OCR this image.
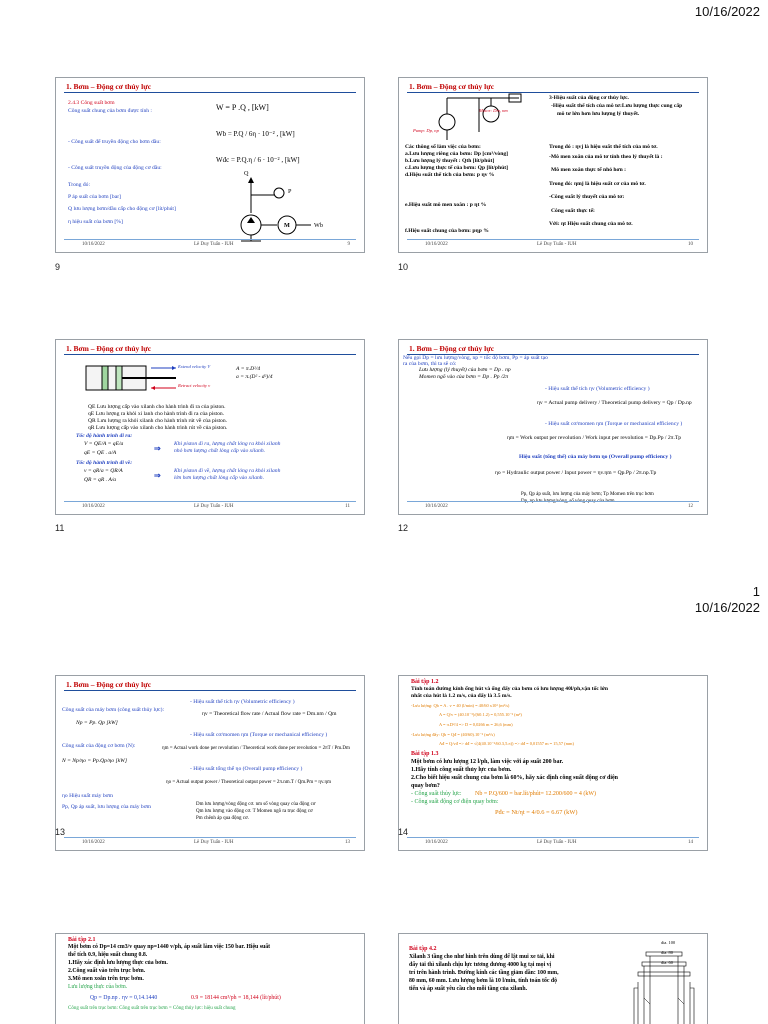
10/16/2022
1. Bơm – Động cơ thủy lực
2.4.3 Công suất bơm
Công suất chung của bơm được tính :
- Công suất để truyền động cho bơm dầu:
- Công suất truyền động của động cơ dầu:
Trong đó:
P áp suất của bơm [bar]
Q lưu lượng bơm/dầu cấp cho động cơ [lít/phút]
η hiệu suất của bơm [%]
W = P .Q , [kW]
Wb = P.Q / 6η · 10⁻² , [kW]
Wđc = P.Q.η / 6 · 10⁻² , [kW]
Q
P
M	Wb
10/16/2022	Lê Duy Tuấn - IUH	9
9
1. Bơm – Động cơ thủy lực
Pump: Dp, np
Motor: Dm, nm
Các thông số làm việc của bơm:
a.Lưu lượng riêng của bơm: Dp [cm³/vòng]
b.Lưu lượng lý thuyết : Qth [lít/phút]
c.Lưu lượng thực tế của bơm: Qp [lít/phút]
d.Hiệu suất thể tích của bơm: p ηv %
e.Hiệu suất mô men xoắn : p ηt %
f.Hiệu suất chung của bơm: pηp %
3-Hiệu suất của động cơ thủy lực.
-Hiệu suất thể tích của mô tơ:Lưu lượng thực cung cấp
mô tơ lớn hơn lưu lượng lý thuyết.
Trong đó : ηvj là hiệu suất thể tích của mô tơ.
-Mô men xoắn của mô tơ tính theo lý thuyết là :
Mô men xoắn thực tế nhỏ hơn :
Trong đó: ηmj là hiệu suất cơ của mô tơ.
-Công suất lý thuyết của mô tơ:
Công suất thực tế:
Với: ηt Hiệu suất chung của mô tơ.
10/16/2022	Lê Duy Tuấn - IUH	10
10
1. Bơm – Động cơ thủy lực
Extend velocity V
Retract velocity v
A = π.D²/4
a = π.(D² - d²)/4
QE Lưu lượng cấp vào xilanh cho hành trình đi ra của piston.
qE Lưu lượng ra khỏi xi lanh cho hành trình đi ra của piston.
QR Lưu lượng ra khỏi xilanh cho hành trình rút về của piston.
qR Lưu lượng cấp vào xilanh cho hành trình rút về của piston.
Tốc độ hành trình đi ra:
V = QE/A = qE/a
qE = QE . a/A	⇒ Khi piston đi ra, lượng chất lỏng ra khỏi xilanh
nhỏ hơn lượng chất lỏng cấp vào xilanh.
Tốc độ hành trình đi về:
v = qR/a = QR/A
QR = qR . A/a	⇒ Khi piston đi về, lượng chất lỏng ra khỏi xilanh
lớn hơn lượng chất lỏng cấp vào xilanh.
10/16/2022	Lê Duy Tuấn - IUH	11
11
1. Bơm – Động cơ thủy lực
Nếu gọi Dp = lưu lượng/vòng, np = tốc độ bơm, Pp = áp suất tạo
ra của bơm, thì ta sẽ có:
Lưu lượng (lý thuyết) của bơm = Dp . np
Momen ngõ vào của bơm = Dp . Pp /2π
- Hiệu suất thể tích ηv (Volumetric efficiency )
ηv = Actual pump delivery / Theoretical pump delivery = Qp / Dp.np
- Hiệu suất cơ/momen ηm (Torque or mechanical efficiency )
ηm = Work output per revolution / Work input per revolution = Dp.Pp / 2π.Tp
Hiệu suất (tổng thể) của máy bơm ηo (Overall pump efficiency )
ηo = Hydraulic output power / Input power = ηv.ηm = Qp.Pp / 2π.np.Tp
Pp, Qp áp suất, lưu lượng của máy bơm; Tp Momen trên trục bơm
Dp, np lưu lượng/vòng, số vòng quay của bơm.
10/16/2022	12
12
1
10/16/2022
1. Bơm – Động cơ thủy lực
Công suất của máy bơm (công suất thủy lực):
Np = Pp. Qp [kW]
Công suất của động cơ bơm (N):
N = Np/ηo = Pp.Qp/ηo [kW]
ηo Hiệu suất máy bơm
Pp, Qp áp suất, lưu lượng của máy bơm
- Hiệu suất thể tích ηv (Volumetric efficiency )
ηv = Theoretical flow rate / Actual flow rate = Dm.nm / Qm
- Hiệu suất cơ/momen ηm (Torque or mechanical efficiency )
ηm = Actual work done per revolution / Theoretical work done per revolution = 2πT / Pm.Dm
- Hiệu suất tổng thể ηo (Overall pump efficiency )
ηo = Actual output power / Theoretical output power = 2π.nm.T / Qm.Pm = ηv.ηm
Dm lưu lượng/vòng động cơ. nm số vòng quay của động cơ
Qm lưu lượng vào động cơ. T Momen ngõ ra trục động cơ
Pm chênh áp qua động cơ.
10/16/2022	Lê Duy Tuấn - IUH	13
13
Bài tập 1.2
Tính toán đường kính ống hút và ống đẩy của bơm có lưu lượng 40l/ph,vận tốc lớn
nhất của hút là 1.2 m/s, của đẩy là 3.5 m/s.
-Lưu lượng: Qb = A . v = 40 (l/min) = 40/60 x10³ (m³/s)
A = Q/v = (40.10⁻³)/(60.1.2) = 0,555.10⁻³ (m²)
A = π.D²/4 => D = 0,0266 m = 26,6 (mm)
-Lưu lượng đẩy: Qb = Qđ = (40/60).10⁻³ (m³/s)
Ađ = Q/vđ => dđ = √(4(40.10⁻³/60.3,5.π)) => dđ = 0,01557 m = 15,57 (mm)
Bài tập 1.3
Một bơm có lưu lượng 12 l/ph, làm việc với áp suất 200 bar.
1.Hãy tính công suất thủy lực của bơm.
2.Cho biết hiệu suất chung của bơm là 60%, hãy xác định công suất động cơ điện
quay bơm?
- Công suất thủy lực: Nb = P.Q/600 = bar.lít/phút= 12.200/600 = 4 (kW)
- Công suất động cơ điện quay bơm:
Pđc = Nt/ηt = 4/0.6 = 6.67 (kW)
10/16/2022	Lê Duy Tuấn - IUH	14
14
Bài tập 2.1
Một bơm có Dp=14 cm3/v quay np=1440 v/ph, áp suất làm việc 150 bar. Hiệu suất
thể tích 0.9, hiệu suất chung 0.8.
1.Hãy xác định lưu lượng thực của bơm.
2.Công suất vào trên trục bơm.
3.Mô men xoắn trên trục bơm.
Lưu lượng thực của bơm.
Qp = Dp.np . ηv = 0,14.1440	0.9 = 18144 cm³/ph = 18,144 (lít/phút)
Công suất trên trục bơm: Công suất trên trục bơm = Công thủy lực: hiệu suất chung
Bài tập 4.2
Xilanh 3 tầng cho như hình trên dùng để lật mui xe tải, khi
đẩy tải thì xilanh chịu lực tương đương 4000 kg tại mọi vị
trí trên hành trình. Đường kính các tầng giảm dần: 100 mm,
80 mm, 60 mm. Lưu lượng bơm là 10 l/min, tính toán tốc độ
tiến và áp suất yêu cầu cho mỗi tầng của xilanh.
dia. 100
dia. 80
dia. 60
